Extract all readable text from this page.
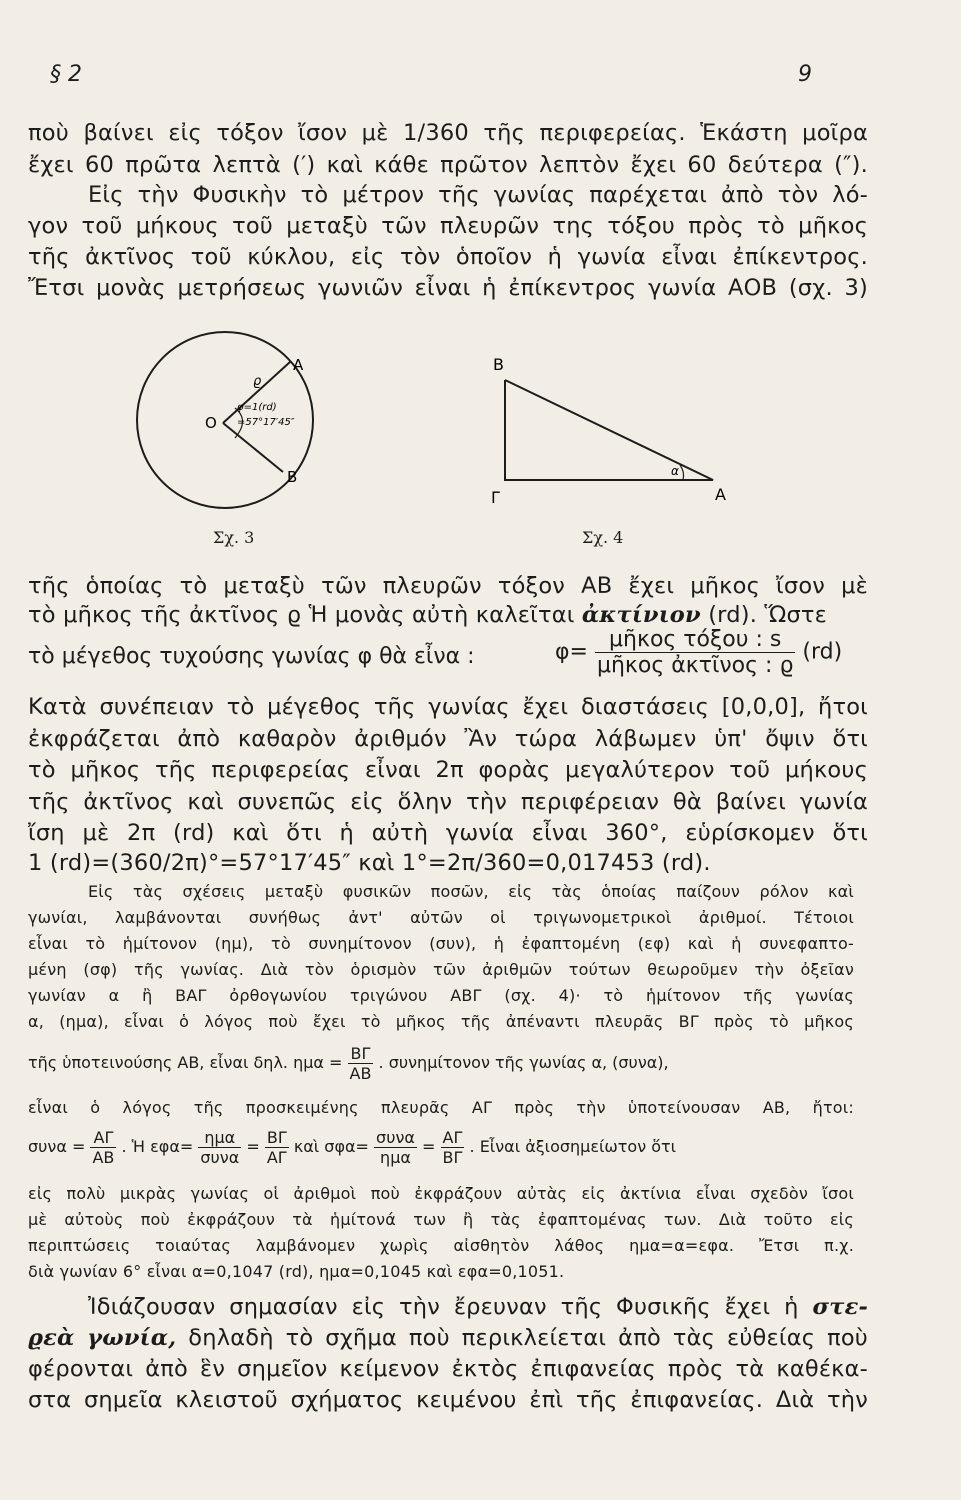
§ 2	9
ποὺ βαίνει εἰς τόξον ἴσον μὲ 1/360 τῆς περιφερείας. Ἑκάστη μοῖρα
ἔχει 60 πρῶτα λεπτὰ (′) καὶ κάθε πρῶτον λεπτὸν ἔχει 60 δεύτερα (″).
Εἰς τὴν Φυσικὴν τὸ μέτρον τῆς γωνίας παρέχεται ἀπὸ τὸν λό-
γον τοῦ μήκους τοῦ μεταξὺ τῶν πλευρῶν της τόξου πρὸς τὸ μῆκος
τῆς ἀκτῖνος τοῦ κύκλου, εἰς τὸν ὁποῖον ἡ γωνία εἶναι ἐπίκεντρος.
Ἔτσι μονὰς μετρήσεως γωνιῶν εἶναι ἡ ἐπίκεντρος γωνία ΑΟΒ (σχ. 3)
O
A
B
ϱ
φ=1(rd)
=57°17′45″
Σχ. 3
B
Γ	A
α
Σχ. 4
τῆς ὁποίας τὸ μεταξὺ τῶν πλευρῶν τόξον ΑΒ ἔχει μῆκος ἴσον μὲ
τὸ μῆκος τῆς ἀκτῖνος ϱ Ἡ μονὰς αὐτὴ καλεῖται ἀκτίνιον (rd). Ὥστε
τὸ μέγεθος τυχούσης γωνίας φ θὰ εἶνα :	$\varphi= \frac{\text{μῆκος τόξου : s}}{\text{μῆκος ἀκτῖνος : ϱ}} (rd)$
Κατὰ συνέπειαν τὸ μέγεθος τῆς γωνίας ἔχει διαστάσεις [0,0,0], ἤτοι
ἐκφράζεται ἀπὸ καθαρὸν ἀριθμόν Ἂν τώρα λάβωμεν ὑπ' ὄψιν ὅτι
τὸ μῆκος τῆς περιφερείας εἶναι 2π φορὰς μεγαλύτερον τοῦ μήκους
τῆς ἀκτῖνος καὶ συνεπῶς εἰς ὅλην τὴν περιφέρειαν θὰ βαίνει γωνία
ἴση μὲ 2π (rd) καὶ ὅτι ἡ αὐτὴ γωνία εἶναι 360°, εὑρίσκομεν ὅτι
1 (rd)=(360/2π)°=57°17′45″ καὶ 1°=2π/360=0,017453 (rd).
Εἰς τὰς σχέσεις μεταξὺ φυσικῶν ποσῶν, εἰς τὰς ὁποίας παίζουν ρόλον καὶ
γωνίαι, λαμβάνονται συνήθως ἀντ' αὐτῶν οἱ τριγωνομετρικοὶ ἀριθμοί. Τέτοιοι
εἶναι τὸ ἡμίτονον (ημ), τὸ συνημίτονον (συν), ἡ ἐφαπτομένη (εφ) καὶ ἡ συνεφαπτο-
μένη (σφ) τῆς γωνίας. Διὰ τὸν ὁρισμὸν τῶν ἀριθμῶν τούτων θεωροῦμεν τὴν ὀξεῖαν
γωνίαν α ἢ ΒΑΓ ὀρθογωνίου τριγώνου ΑΒΓ (σχ. 4)· τὸ ἡμίτονον τῆς γωνίας
α, (ημα), εἶναι ὁ λόγος ποὺ ἔχει τὸ μῆκος τῆς ἀπέναντι πλευρᾶς ΒΓ πρὸς τὸ μῆκος
τῆς ὑποτεινούσης ΑΒ, εἶναι δηλ. $\eta\mu\alpha = \frac{B\Gamma}{AB}$ . συνημίτονον τῆς γωνίας α, (συνα),
εἶναι ὁ λόγος τῆς προσκειμένης πλευρᾶς ΑΓ πρὸς τὴν ὑποτείνουσαν ΑΒ, ἤτοι:
$\sigma\upsilon\nu\alpha = \frac{A\Gamma}{AB}$ . Ἡ $\varepsilon\varphi\alpha= \frac{\text{ημα}}{\text{συνα}} = \frac{B\Gamma}{A\Gamma}$ καὶ $\sigma\varphi\alpha= \frac{\text{συνα}}{\text{ημα}} = \frac{A\Gamma}{B\Gamma}$ . Εἶναι ἀξιοσημείωτον ὅτι
εἰς πολὺ μικρὰς γωνίας οἱ ἀριθμοὶ ποὺ ἐκφράζουν αὐτὰς εἰς ἀκτίνια εἶναι σχεδὸν ἴσοι
μὲ αὐτοὺς ποὺ ἐκφράζουν τὰ ἡμίτονά των ἢ τὰς ἐφαπτομένας των. Διὰ τοῦτο εἰς
περιπτώσεις τοιαύτας λαμβάνομεν χωρὶς αἰσθητὸν λάθος ημα=α=εφα. Ἔτσι π.χ.
διὰ γωνίαν 6° εἶναι α=0,1047 (rd), ημα=0,1045 καὶ εφα=0,1051.
Ἰδιάζουσαν σημασίαν εἰς τὴν ἔρευναν τῆς Φυσικῆς ἔχει ἡ στε-
ϱεὰ γωνία, δηλαδὴ τὸ σχῆμα ποὺ περικλείεται ἀπὸ τὰς εὐθείας ποὺ
φέρονται ἀπὸ ἓν σημεῖον κείμενον ἐκτὸς ἐπιφανείας πρὸς τὰ καθέκα-
στα σημεῖα κλειστοῦ σχήματος κειμένου ἐπὶ τῆς ἐπιφανείας. Διὰ τὴν
